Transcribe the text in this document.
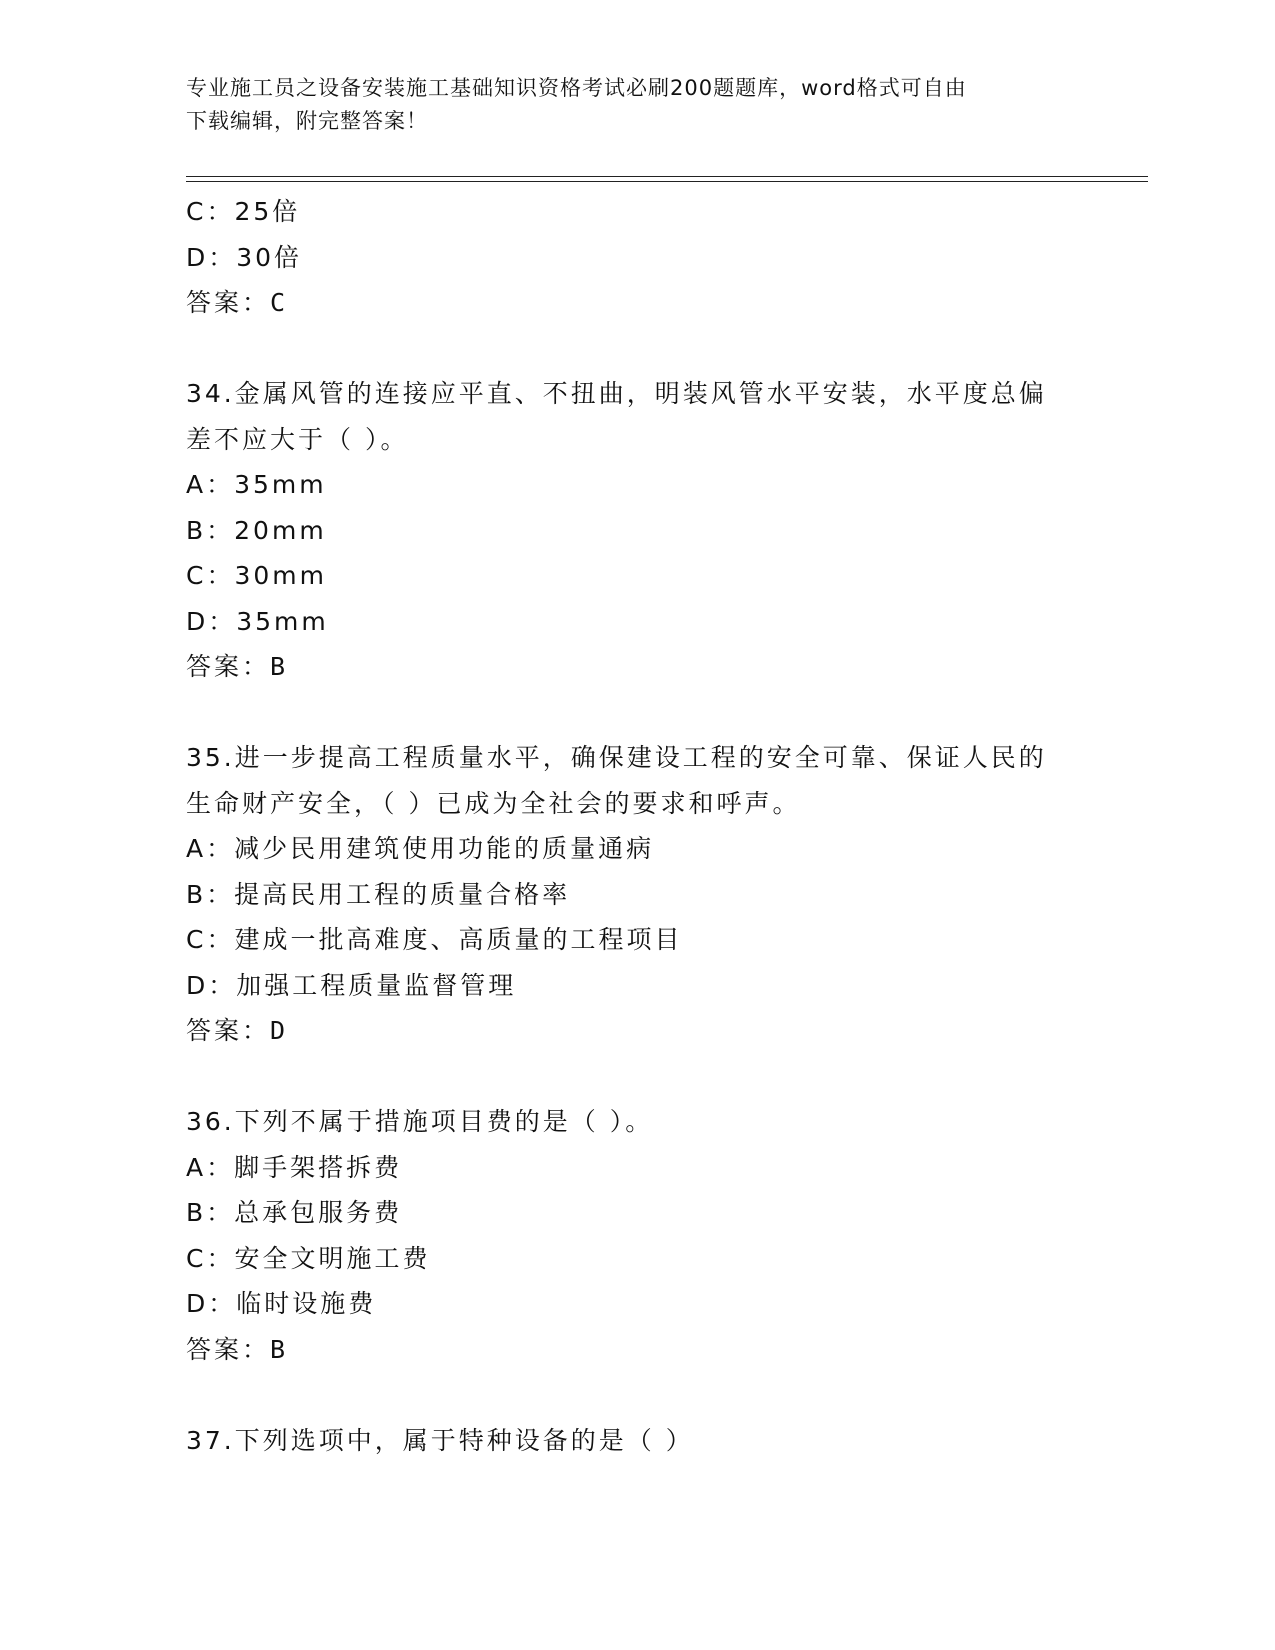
专业施工员之设备安装施工基础知识资格考试必刷200题题库，word格式可自由
下载编辑，附完整答案！
C：25倍
D：30倍
答案：C
34.金属风管的连接应平直、不扭曲，明装风管水平安装，水平度总偏
差不应大于（ ）。
A：35mm
B：20mm
C：30mm
D：35mm
答案：B
35.进一步提高工程质量水平，确保建设工程的安全可靠、保证人民的
生命财产安全，（ ）已成为全社会的要求和呼声。
A：减少民用建筑使用功能的质量通病
B：提高民用工程的质量合格率
C：建成一批高难度、高质量的工程项目
D：加强工程质量监督管理
答案：D
36.下列不属于措施项目费的是（ ）。
A：脚手架搭拆费
B：总承包服务费
C：安全文明施工费
D：临时设施费
答案：B
37.下列选项中，属于特种设备的是（ ）
